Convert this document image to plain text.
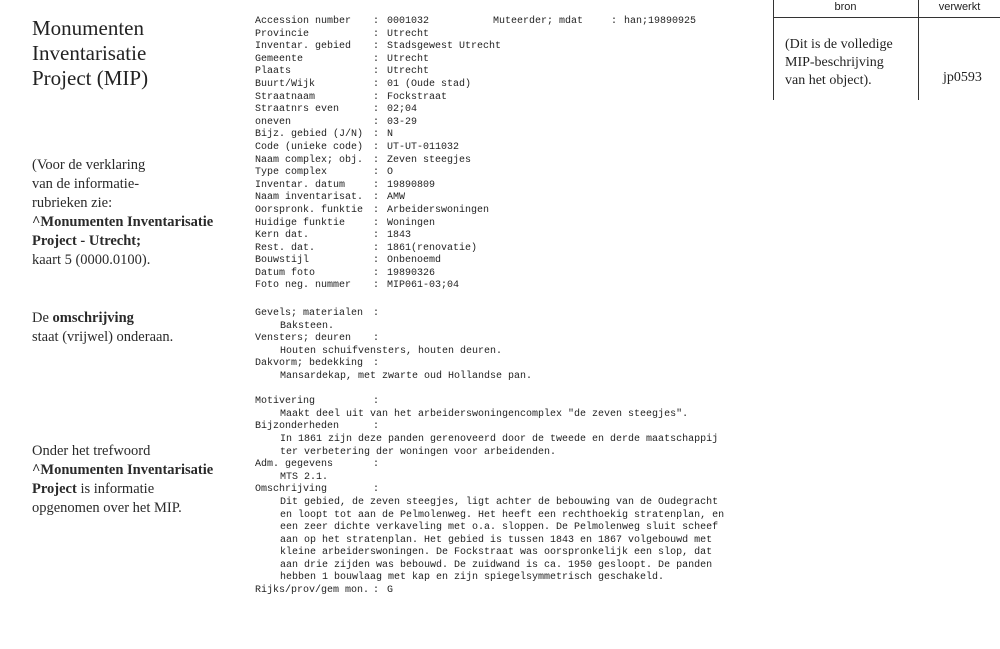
Monumenten
Inventarisatie
Project (MIP)
(Voor de verklaring
van de informatie-
rubrieken zie:
^Monumenten Inventarisatie
Project - Utrecht;
kaart 5 (0000.0100).
De omschrijving
staat (vrijwel) onderaan.
Onder het trefwoord
^Monumenten Inventarisatie
Project is informatie
opgenomen over het MIP.
bron	verwerkt
(Dit is de volledige
MIP-beschrijving
van het object).	jp0593
Accession number : 0001032	Muteerder; mdat	: han;19890925
Provincie	: Utrecht
Inventar. gebied : Stadsgewest Utrecht
Gemeente	: Utrecht
Plaats	: Utrecht
Buurt/Wijk	: 01 (Oude stad)
Straatnaam	: Fockstraat
Straatnrs even	: 02;04
oneven	: 03-29
Bijz. gebied (J/N) : N
Code (unieke code) : UT-UT-011032
Naam complex; obj. : Zeven steegjes
Type complex	: O
Inventar. datum	: 19890809
Naam inventarisat. : AMW
Oorspronk. funktie : Arbeiderswoningen
Huidige funktie	: Woningen
Kern dat.	: 1843
Rest. dat.	: 1861(renovatie)
Bouwstijl	: Onbenoemd
Datum foto	: 19890326
Foto neg. nummer : MIP061-03;04
Gevels; materialen :
Baksteen.
Vensters; deuren :
Houten schuifvensters, houten deuren.
Dakvorm; bedekking :
Mansardekap, met zwarte oud Hollandse pan.
Motivering	:
Maakt deel uit van het arbeiderswoningencomplex "de zeven steegjes".
Bijzonderheden	:
In 1861 zijn deze panden gerenoveerd door de tweede en derde maatschappij
ter verbetering der woningen voor arbeidenden.
Adm. gegevens	:
MTS 2.1.
Omschrijving	:
Dit gebied, de zeven steegjes, ligt achter de bebouwing van de Oudegracht
en loopt tot aan de Pelmolenweg. Het heeft een rechthoekig stratenplan, en
een zeer dichte verkaveling met o.a. sloppen. De Pelmolenweg sluit scheef
aan op het stratenplan. Het gebied is tussen 1843 en 1867 volgebouwd met
kleine arbeiderswoningen. De Fockstraat was oorspronkelijk een slop, dat
aan drie zijden was bebouwd. De zuidwand is ca. 1950 gesloopt. De panden
hebben 1 bouwlaag met kap en zijn spiegelsymmetrisch geschakeld.
Rijks/prov/gem mon. : G
